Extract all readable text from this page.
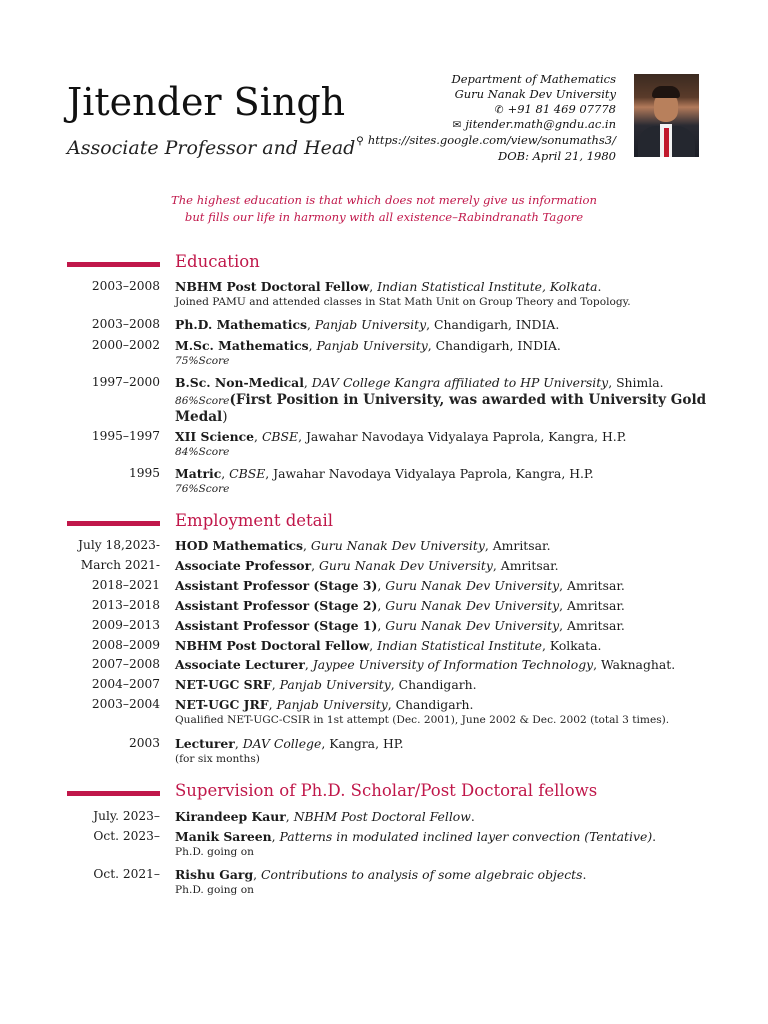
Jitender Singh
Associate Professor and Head
Department of Mathematics
Guru Nanak Dev University
✆ +91 81 469 07778
✉ jitender.math@gndu.ac.in
⚲ https://sites.google.com/view/sonumaths3/
DOB: April 21, 1980
The highest education is that which does not merely give us information
but fills our life in harmony with all existence–Rabindranath Tagore
Education
2003–2008 NBHM Post Doctoral Fellow, Indian Statistical Institute, Kolkata.
Joined PAMU and attended classes in Stat Math Unit on Group Theory and Topology.
2003–2008 Ph.D. Mathematics, Panjab University, Chandigarh, INDIA.
2000–2002 M.Sc. Mathematics, Panjab University, Chandigarh, INDIA.
75%Score
1997–2000 B.Sc. Non-Medical, DAV College Kangra affiliated to HP University, Shimla.
86%Score(First Position in University, was awarded with University Gold Medal)
1995–1997 XII Science, CBSE, Jawahar Navodaya Vidyalaya Paprola, Kangra, H.P.
84%Score
1995 Matric, CBSE, Jawahar Navodaya Vidyalaya Paprola, Kangra, H.P.
76%Score
Employment detail
July 18,2023- HOD Mathematics, Guru Nanak Dev University, Amritsar.
March 2021- Associate Professor, Guru Nanak Dev University, Amritsar.
2018–2021 Assistant Professor (Stage 3), Guru Nanak Dev University, Amritsar.
2013–2018 Assistant Professor (Stage 2), Guru Nanak Dev University, Amritsar.
2009–2013 Assistant Professor (Stage 1), Guru Nanak Dev University, Amritsar.
2008–2009 NBHM Post Doctoral Fellow, Indian Statistical Institute, Kolkata.
2007–2008 Associate Lecturer, Jaypee University of Information Technology, Waknaghat.
2004–2007 NET-UGC SRF, Panjab University, Chandigarh.
2003–2004 NET-UGC JRF, Panjab University, Chandigarh.
Qualified NET-UGC-CSIR in 1st attempt (Dec. 2001), June 2002 & Dec. 2002 (total 3 times).
2003 Lecturer, DAV College, Kangra, HP.
(for six months)
Supervision of Ph.D. Scholar/Post Doctoral fellows
July. 2023– Kirandeep Kaur, NBHM Post Doctoral Fellow.
Oct. 2023– Manik Sareen, Patterns in modulated inclined layer convection (Tentative).
Ph.D. going on
Oct. 2021– Rishu Garg, Contributions to analysis of some algebraic objects.
Ph.D. going on
